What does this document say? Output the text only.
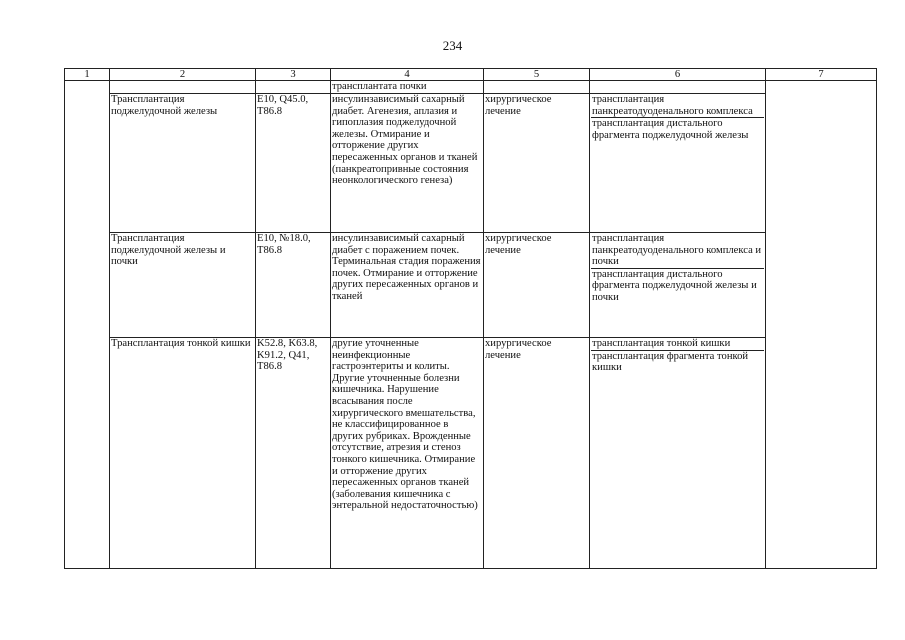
234
1	2	3	4	5	6	7
			трансплантата почки			
	Трансплантация поджелудочной железы	E10, Q45.0, T86.8	инсулинзависимый сахарный диабет. Агенезия, аплазия и гипоплазия поджелудочной железы. Отмирание и отторжение других пересаженных органов и тканей (панкреатопривные состояния неонкологического генеза)	хирургическое лечение	трансплантация панкреатодуоденального комплекса
трансплантация дистального фрагмента поджелудочной железы	

	Трансплантация поджелудочной железы и почки	E10, №18.0, T86.8	инсулинзависимый сахарный диабет с поражением почек. Терминальная стадия поражения почек. Отмирание и отторжение других пересаженных органов и тканей	хирургическое лечение	трансплантация панкреатодуоденального комплекса и почки
трансплантация дистального фрагмента поджелудочной железы и почки	

	Трансплантация тонкой кишки	K52.8, K63.8, K91.2, Q41, T86.8	другие уточненные неинфекционные гастроэнтериты и колиты. Другие уточненные болезни кишечника. Нарушение всасывания после хирургического вмешательства, не классифицированное в других рубриках. Врожденные отсутствие, атрезия и стеноз тонкого кишечника. Отмирание и отторжение других пересаженных органов тканей (заболевания кишечника с энтеральной недостаточностью)	хирургическое лечение	трансплантация тонкой кишки
трансплантация фрагмента тонкой кишки	
